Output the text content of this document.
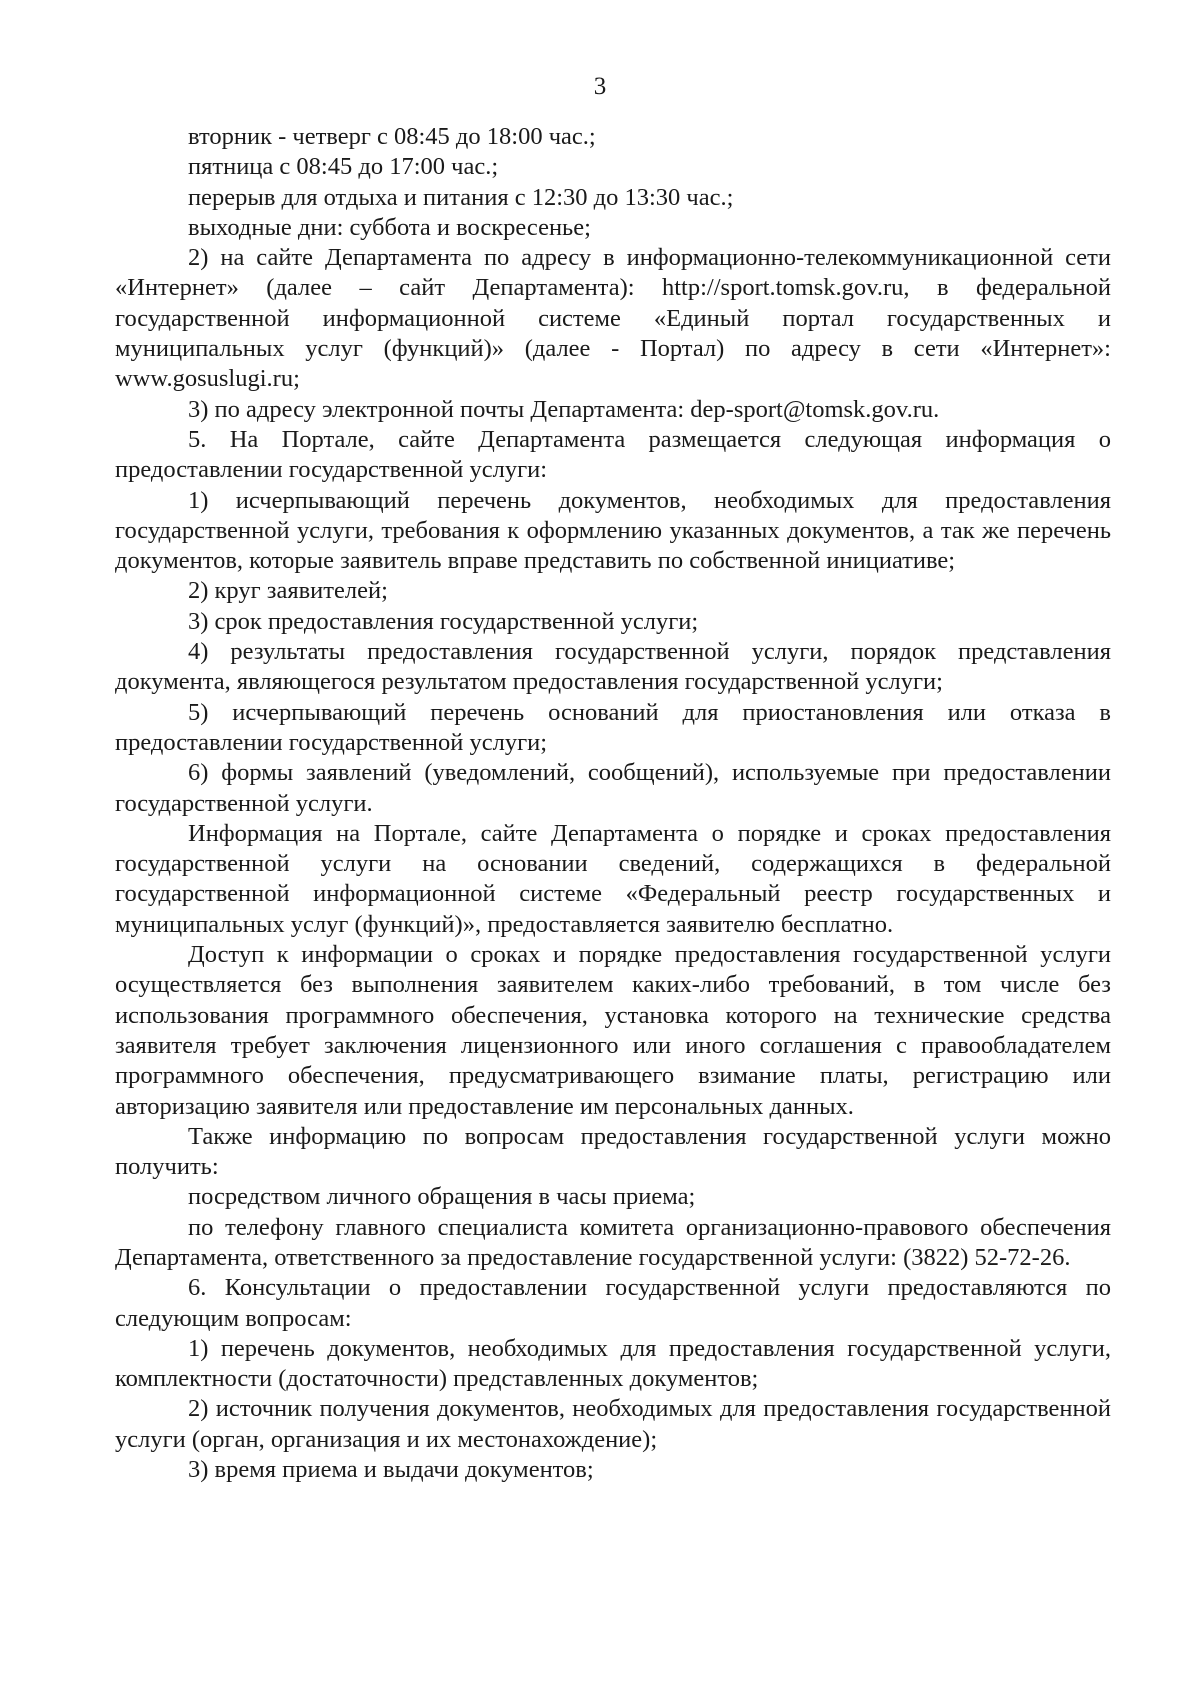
3

вторник - четверг с 08:45 до 18:00 час.;

пятница с 08:45 до 17:00 час.;

перерыв для отдыха и питания с 12:30 до 13:30 час.;

выходные дни: суббота и воскресенье;

2) на сайте Департамента по адресу в информационно-телекоммуникационной сети «Интернет» (далее – сайт Департамента): http://sport.tomsk.gov.ru, в федеральной государственной информационной системе «Единый портал государственных и муниципальных услуг (функций)» (далее - Портал) по адресу в сети «Интернет»: www.gosuslugi.ru;

3) по адресу электронной почты Департамента: dep-sport@tomsk.gov.ru.

5. На Портале, сайте Департамента размещается следующая информация о предоставлении государственной услуги:

1) исчерпывающий перечень документов, необходимых для предоставления государственной услуги, требования к оформлению указанных документов, а так же перечень документов, которые заявитель вправе представить по собственной инициативе;

2) круг заявителей;

3) срок предоставления государственной услуги;

4) результаты предоставления государственной услуги, порядок представления документа, являющегося результатом предоставления государственной услуги;

5) исчерпывающий перечень оснований для приостановления или отказа в предоставлении государственной услуги;

6) формы заявлений (уведомлений, сообщений), используемые при предоставлении государственной услуги.

Информация на Портале, сайте Департамента о порядке и сроках предоставления государственной услуги на основании сведений, содержащихся в федеральной государственной информационной системе «Федеральный реестр государственных и муниципальных услуг (функций)», предоставляется заявителю бесплатно.

Доступ к информации о сроках и порядке предоставления государственной услуги осуществляется без выполнения заявителем каких-либо требований, в том числе без использования программного обеспечения, установка которого на технические средства заявителя требует заключения лицензионного или иного соглашения с правообладателем программного обеспечения, предусматривающего взимание платы, регистрацию или авторизацию заявителя или предоставление им персональных данных.

Также информацию по вопросам предоставления государственной услуги можно получить:

посредством личного обращения в часы приема;

по телефону главного специалиста комитета организационно-правового обеспечения Департамента, ответственного за предоставление государственной услуги: (3822) 52-72-26.

6. Консультации о предоставлении государственной услуги предоставляются по следующим вопросам:

1) перечень документов, необходимых для предоставления государственной услуги, комплектности (достаточности) представленных документов;

2) источник получения документов, необходимых для предоставления государственной услуги (орган, организация и их местонахождение);

3) время приема и выдачи документов;
